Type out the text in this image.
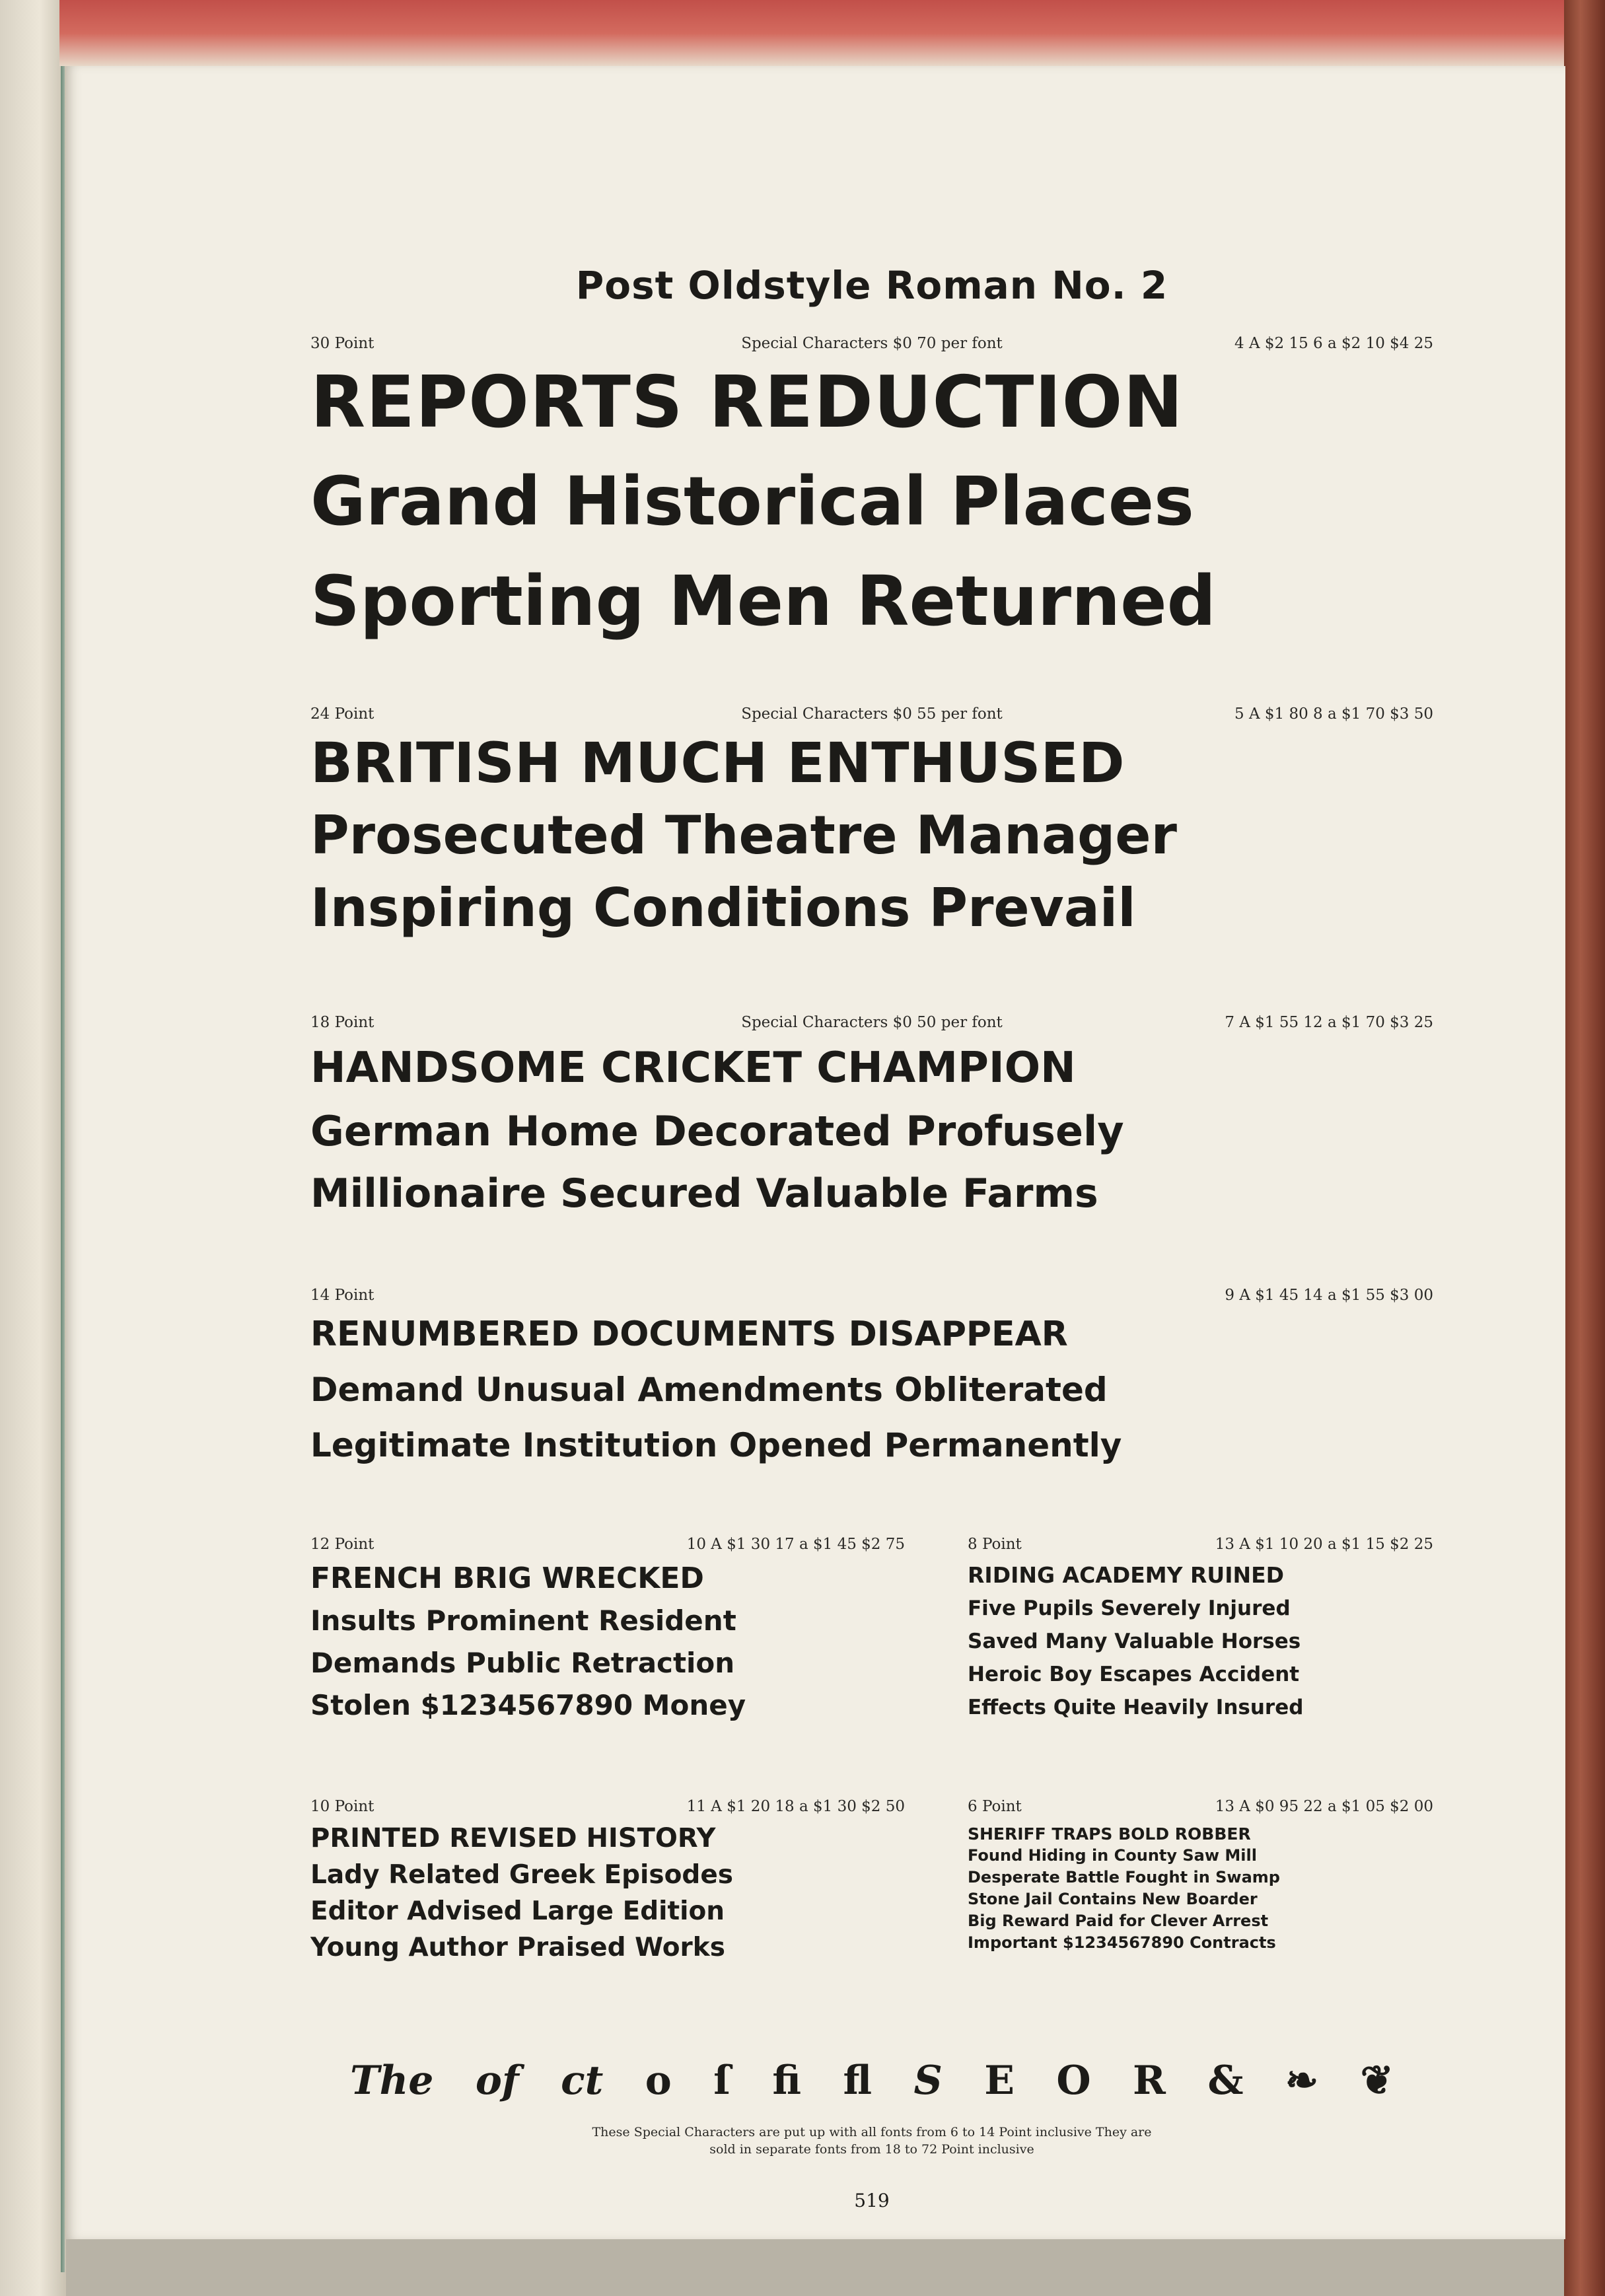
Post Oldstyle Roman No. 2
30 Point	Special Characters $0 70 per font	4 A $2 15 6 a $2 10 $4 25
REPORTS REDUCTION
Grand Historical Places
Sporting Men Returned
24 Point	Special Characters $0 55 per font	5 A $1 80 8 a $1 70 $3 50
BRITISH MUCH ENTHUSED
Prosecuted Theatre Manager
Inspiring Conditions Prevail
18 Point	Special Characters $0 50 per font	7 A $1 55 12 a $1 70 $3 25
HANDSOME CRICKET CHAMPION
German Home Decorated Profusely
Millionaire Secured Valuable Farms
14 Point	9 A $1 45 14 a $1 55 $3 00
RENUMBERED DOCUMENTS DISAPPEAR
Demand Unusual Amendments Obliterated
Legitimate Institution Opened Permanently
12 Point	10 A $1 30 17 a $1 45 $2 75
FRENCH BRIG WRECKED
Insults Prominent Resident
Demands Public Retraction
Stolen $1234567890 Money
8 Point	13 A $1 10 20 a $1 15 $2 25
RIDING ACADEMY RUINED
Five Pupils Severely Injured
Saved Many Valuable Horses
Heroic Boy Escapes Accident
Effects Quite Heavily Insured
10 Point	11 A $1 20 18 a $1 30 $2 50
PRINTED REVISED HISTORY
Lady Related Greek Episodes
Editor Advised Large Edition
Young Author Praised Works
6 Point	13 A $0 95 22 a $1 05 $2 00
SHERIFF TRAPS BOLD ROBBER
Found Hiding in County Saw Mill
Desperate Battle Fought in Swamp
Stone Jail Contains New Boarder
Big Reward Paid for Clever Arrest
Important $1234567890 Contracts
The of ct o ſ fi fl S E O R & ❧ ❦
These Special Characters are put up with all fonts from 6 to 14 Point inclusive They are
sold in separate fonts from 18 to 72 Point inclusive
519
